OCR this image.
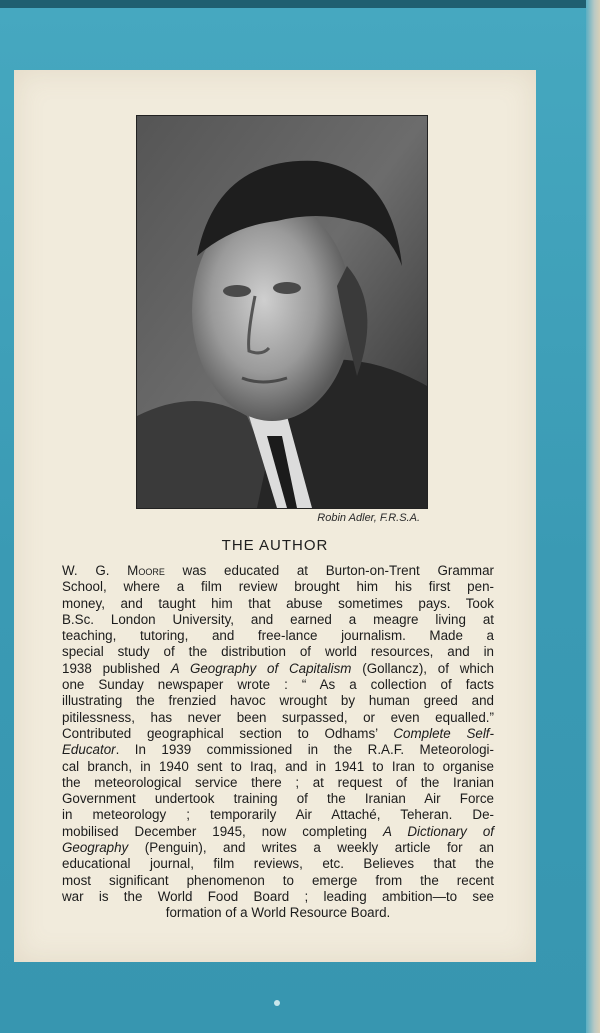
Robin Adler, F.R.S.A.
THE AUTHOR
W. G. Moore was educated at Burton-on-Trent Grammar
School, where a film review brought him his first pen-
money, and taught him that abuse sometimes pays. Took
B.Sc. London University, and earned a meagre living at
teaching, tutoring, and free-lance journalism. Made a
special study of the distribution of world resources, and in
1938 published A Geography of Capitalism (Gollancz), of which
one Sunday newspaper wrote : “ As a collection of facts
illustrating the frenzied havoc wrought by human greed and
pitilessness, has never been surpassed, or even equalled.”
Contributed geographical section to Odhams’ Complete Self-
Educator. In 1939 commissioned in the R.A.F. Meteorologi-
cal branch, in 1940 sent to Iraq, and in 1941 to Iran to organise
the meteorological service there ; at request of the Iranian
Government undertook training of the Iranian Air Force
in meteorology ; temporarily Air Attaché, Teheran. De-
mobilised December 1945, now completing A Dictionary of
Geography (Penguin), and writes a weekly article for an
educational journal, film reviews, etc. Believes that the
most significant phenomenon to emerge from the recent
war is the World Food Board ; leading ambition—to see
formation of a World Resource Board.
